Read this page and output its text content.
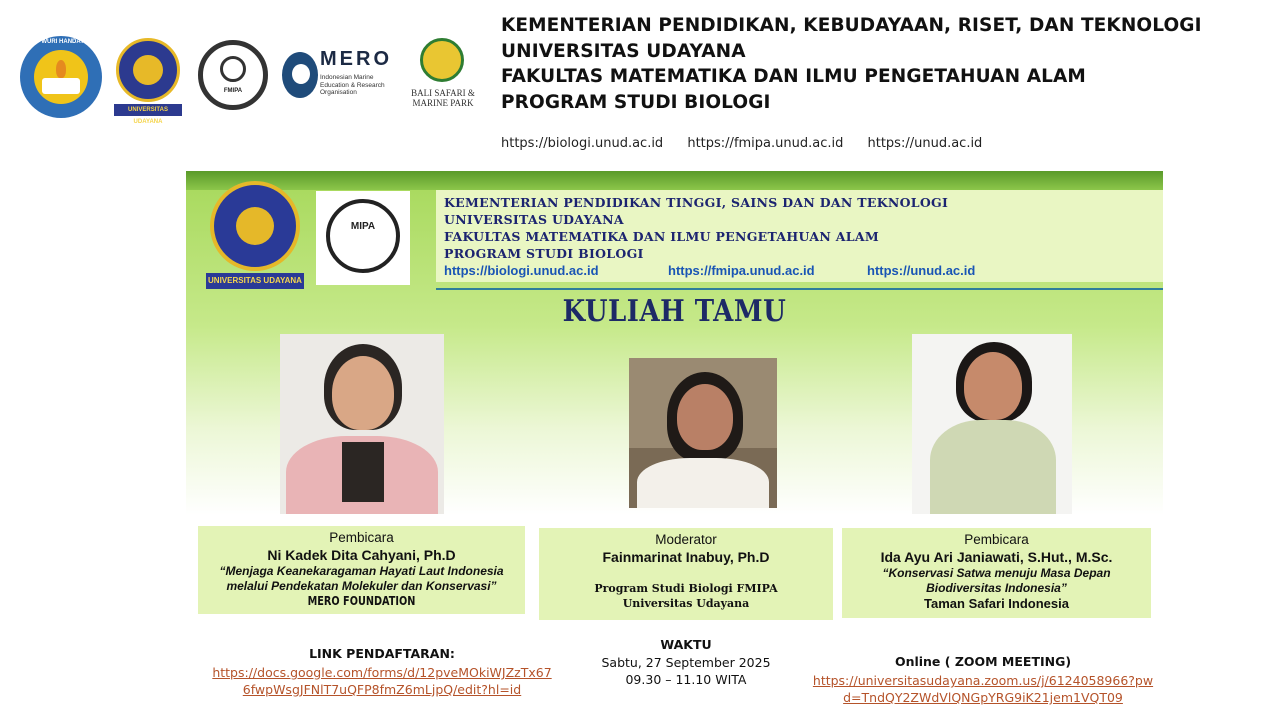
TUT WURI HANDAYANI
UNIVERSITAS UDAYANA
FMIPA
MERO
Indonesian Marine Education & Research Organisation	BALI SAFARI & MARINE PARK
KEMENTERIAN PENDIDIKAN, KEBUDAYAAN, RISET, DAN TEKNOLOGI
UNIVERSITAS UDAYANA
FAKULTAS MATEMATIKA DAN ILMU PENGETAHUAN ALAM
PROGRAM STUDI BIOLOGI
https://biologi.unud.ac.id https://fmipa.unud.ac.id https://unud.ac.id
UNIVERSITAS UDAYANA
MIPA
KEMENTERIAN PENDIDIKAN TINGGI, SAINS DAN DAN TEKNOLOGI
UNIVERSITAS UDAYANA
FAKULTAS MATEMATIKA DAN ILMU PENGETAHUAN ALAM
PROGRAM STUDI BIOLOGI
https://biologi.unud.ac.id	https://fmipa.unud.ac.id	https://unud.ac.id
KULIAH TAMU
Pembicara
Ni Kadek Dita Cahyani, Ph.D
“Menjaga Keanekaragaman Hayati Laut Indonesia
melalui Pendekatan Molekuler dan Konservasi”
MERO FOUNDATION
Moderator
Fainmarinat Inabuy, Ph.D
Program Studi Biologi FMIPA
Universitas Udayana
Pembicara
Ida Ayu Ari Janiawati, S.Hut., M.Sc.
“Konservasi Satwa menuju Masa Depan
Biodiversitas Indonesia”
Taman Safari Indonesia
LINK PENDAFTARAN:
https://docs.google.com/forms/d/12pveMOkiWJZzTx67
6fwpWsgJFNlT7uQFP8fmZ6mLjpQ/edit?hl=id
WAKTU
Sabtu, 27 September 2025
09.30 – 11.10 WITA
Online ( ZOOM MEETING)
https://universitasudayana.zoom.us/j/6124058966?pw
d=TndQY2ZWdVlQNGpYRG9iK21jem1VQT09
